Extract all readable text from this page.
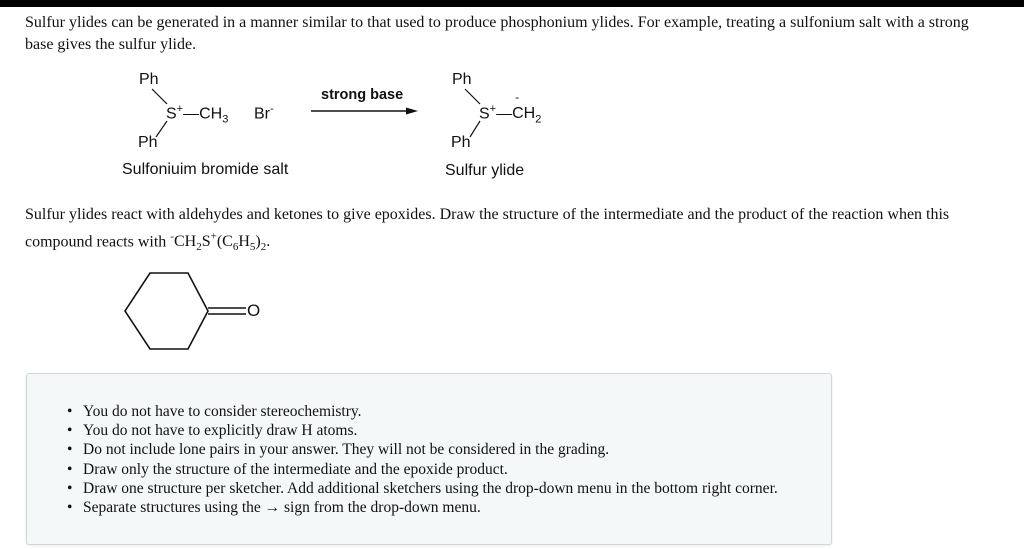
Sulfur ylides can be generated in a manner similar to that used to produce phosphonium ylides. For example, treating a sulfonium salt with a strong
base gives the sulfur ylide.
Ph
$S^+—CH_3$ Br-
Ph
Sulfoniuim bromide salt
strong base
Ph
S+—
-
$CH_2$
Ph
Sulfur ylide
Sulfur ylides react with aldehydes and ketones to give epoxides. Draw the structure of the intermediate and the product of the reaction when this
compound reacts with $^-CH_2S^+(C_6H_5)_2$.
O
• You do not have to consider stereochemistry.
• You do not have to explicitly draw H atoms.
• Do not include lone pairs in your answer. They will not be considered in the grading.
• Draw only the structure of the intermediate and the epoxide product.
• Draw one structure per sketcher. Add additional sketchers using the drop-down menu in the bottom right corner.
• Separate structures using the → sign from the drop-down menu.
